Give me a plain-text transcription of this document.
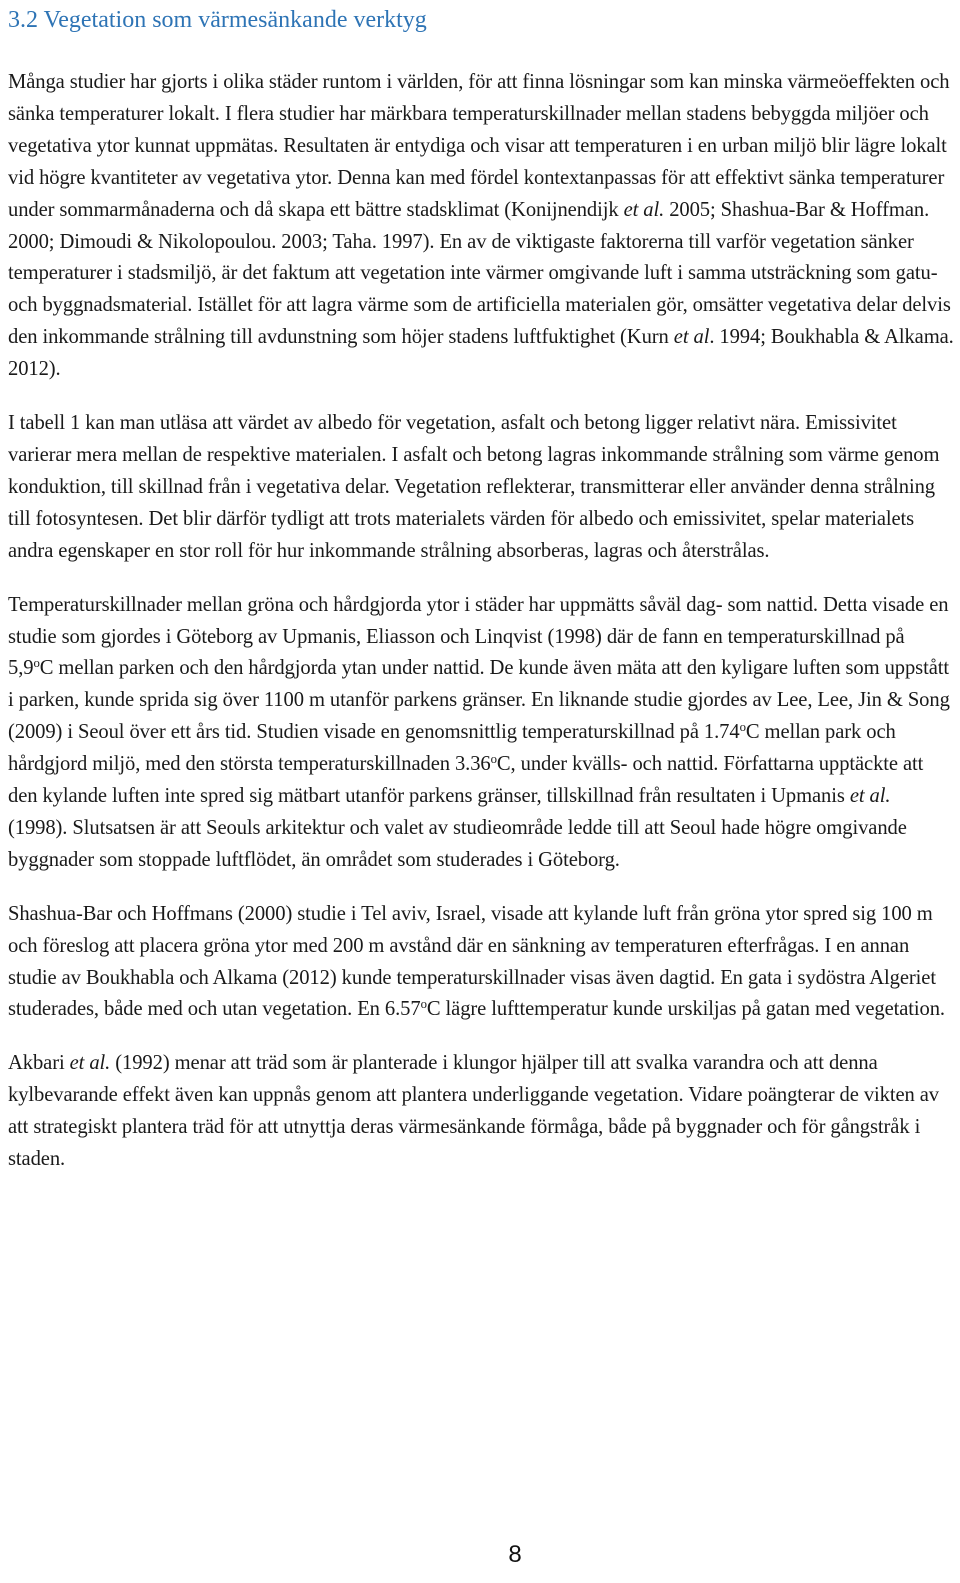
3.2 Vegetation som värmesänkande verktyg

Många studier har gjorts i olika städer runtom i världen, för att finna lösningar som kan minska värmeöeffekten och sänka temperaturer lokalt. I flera studier har märkbara temperaturskillnader mellan stadens bebyggda miljöer och vegetativa ytor kunnat uppmätas. Resultaten är entydiga och visar att temperaturen i en urban miljö blir lägre lokalt vid högre kvantiteter av vegetativa ytor. Denna kan med fördel kontextanpassas för att effektivt sänka temperaturer under sommarmånaderna och då skapa ett bättre stadsklimat (Konijnendijk et al. 2005; Shashua-Bar & Hoffman. 2000; Dimoudi & Nikolopoulou. 2003; Taha. 1997). En av de viktigaste faktorerna till varför vegetation sänker temperaturer i stadsmiljö, är det faktum att vegetation inte värmer omgivande luft i samma utsträckning som gatu- och byggnadsmaterial. Istället för att lagra värme som de artificiella materialen gör, omsätter vegetativa delar delvis den inkommande strålning till avdunstning som höjer stadens luftfuktighet (Kurn et al. 1994; Boukhabla & Alkama. 2012).

I tabell 1 kan man utläsa att värdet av albedo för vegetation, asfalt och betong ligger relativt nära. Emissivitet varierar mera mellan de respektive materialen. I asfalt och betong lagras inkommande strålning som värme genom konduktion, till skillnad från i vegetativa delar. Vegetation reflekterar, transmitterar eller använder denna strålning till fotosyntesen. Det blir därför tydligt att trots materialets värden för albedo och emissivitet, spelar materialets andra egenskaper en stor roll för hur inkommande strålning absorberas, lagras och återstrålas.

Temperaturskillnader mellan gröna och hårdgjorda ytor i städer har uppmätts såväl dag- som nattid. Detta visade en studie som gjordes i Göteborg av Upmanis, Eliasson och Linqvist (1998) där de fann en temperaturskillnad på 5,9$^o$C mellan parken och den hårdgjorda ytan under nattid. De kunde även mäta att den kyligare luften som uppstått i parken, kunde sprida sig över 1100 m utanför parkens gränser. En liknande studie gjordes av Lee, Lee, Jin & Song (2009) i Seoul över ett års tid. Studien visade en genomsnittlig temperaturskillnad på 1.74$^o$C mellan park och hårdgjord miljö, med den största temperaturskillnaden 3.36$^o$C, under kvälls- och nattid. Författarna upptäckte att den kylande luften inte spred sig mätbart utanför parkens gränser, tillskillnad från resultaten i Upmanis et al. (1998). Slutsatsen är att Seouls arkitektur och valet av studieområde ledde till att Seoul hade högre omgivande byggnader som stoppade luftflödet, än området som studerades i Göteborg.

Shashua-Bar och Hoffmans (2000) studie i Tel aviv, Israel, visade att kylande luft från gröna ytor spred sig 100 m och föreslog att placera gröna ytor med 200 m avstånd där en sänkning av temperaturen efterfrågas. I en annan studie av Boukhabla och Alkama (2012) kunde temperaturskillnader visas även dagtid. En gata i sydöstra Algeriet studerades, både med och utan vegetation. En 6.57$^o$C lägre lufttemperatur kunde urskiljas på gatan med vegetation.

Akbari et al. (1992) menar att träd som är planterade i klungor hjälper till att svalka varandra och att denna kylbevarande effekt även kan uppnås genom att plantera underliggande vegetation. Vidare poängterar de vikten av att strategiskt plantera träd för att utnyttja deras värmesänkande förmåga, både på byggnader och för gångstråk i staden.

8
